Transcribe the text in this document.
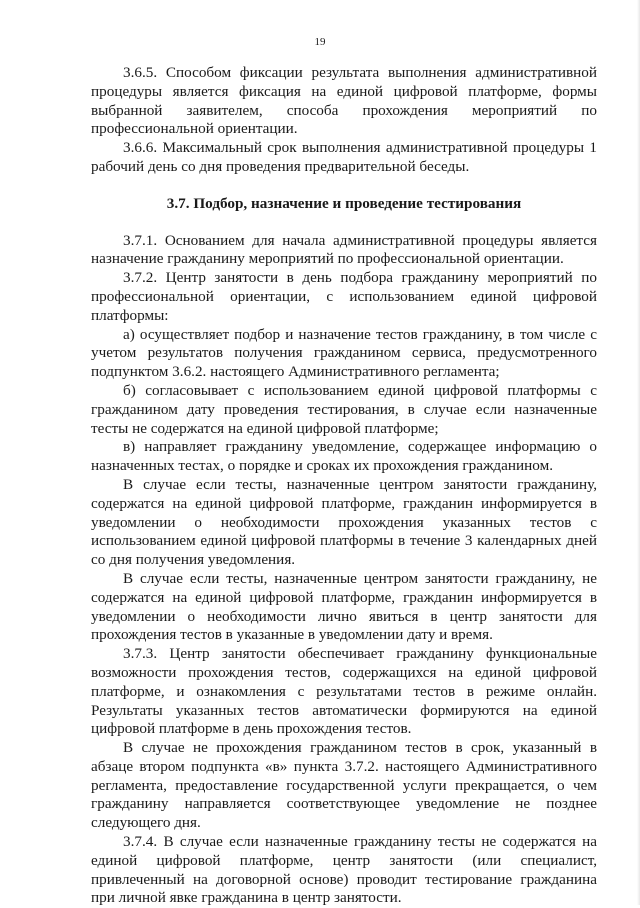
19

3.6.5. Способом фиксации результата выполнения административной процедуры является фиксация на единой цифровой платформе, формы выбранной заявителем, способа прохождения мероприятий по профессиональной ориентации.

3.6.6. Максимальный срок выполнения административной процедуры 1 рабочий день со дня проведения предварительной беседы.

3.7. Подбор, назначение и проведение тестирования

3.7.1. Основанием для начала административной процедуры является назначение гражданину мероприятий по профессиональной ориентации.

3.7.2. Центр занятости в день подбора гражданину мероприятий по профессиональной ориентации, с использованием единой цифровой платформы:

а) осуществляет подбор и назначение тестов гражданину, в том числе с учетом результатов получения гражданином сервиса, предусмотренного подпунктом 3.6.2. настоящего Административного регламента;

б) согласовывает с использованием единой цифровой платформы с гражданином дату проведения тестирования, в случае если назначенные тесты не содержатся на единой цифровой платформе;

в) направляет гражданину уведомление, содержащее информацию о назначенных тестах, о порядке и сроках их прохождения гражданином.

В случае если тесты, назначенные центром занятости гражданину, содержатся на единой цифровой платформе, гражданин информируется в уведомлении о необходимости прохождения указанных тестов с использованием единой цифровой платформы в течение 3 календарных дней со дня получения уведомления.

В случае если тесты, назначенные центром занятости гражданину, не содержатся на единой цифровой платформе, гражданин информируется в уведомлении о необходимости лично явиться в центр занятости для прохождения тестов в указанные в уведомлении дату и время.

3.7.3. Центр занятости обеспечивает гражданину функциональные возможности прохождения тестов, содержащихся на единой цифровой платформе, и ознакомления с результатами тестов в режиме онлайн. Результаты указанных тестов автоматически формируются на единой цифровой платформе в день прохождения тестов.

В случае не прохождения гражданином тестов в срок, указанный в абзаце втором подпункта «в» пункта 3.7.2. настоящего Административного регламента, предоставление государственной услуги прекращается, о чем гражданину направляется соответствующее уведомление не позднее следующего дня.

3.7.4. В случае если назначенные гражданину тесты не содержатся на единой цифровой платформе, центр занятости (или специалист, привлеченный на договорной основе) проводит тестирование гражданина при личной явке гражданина в центр занятости.
